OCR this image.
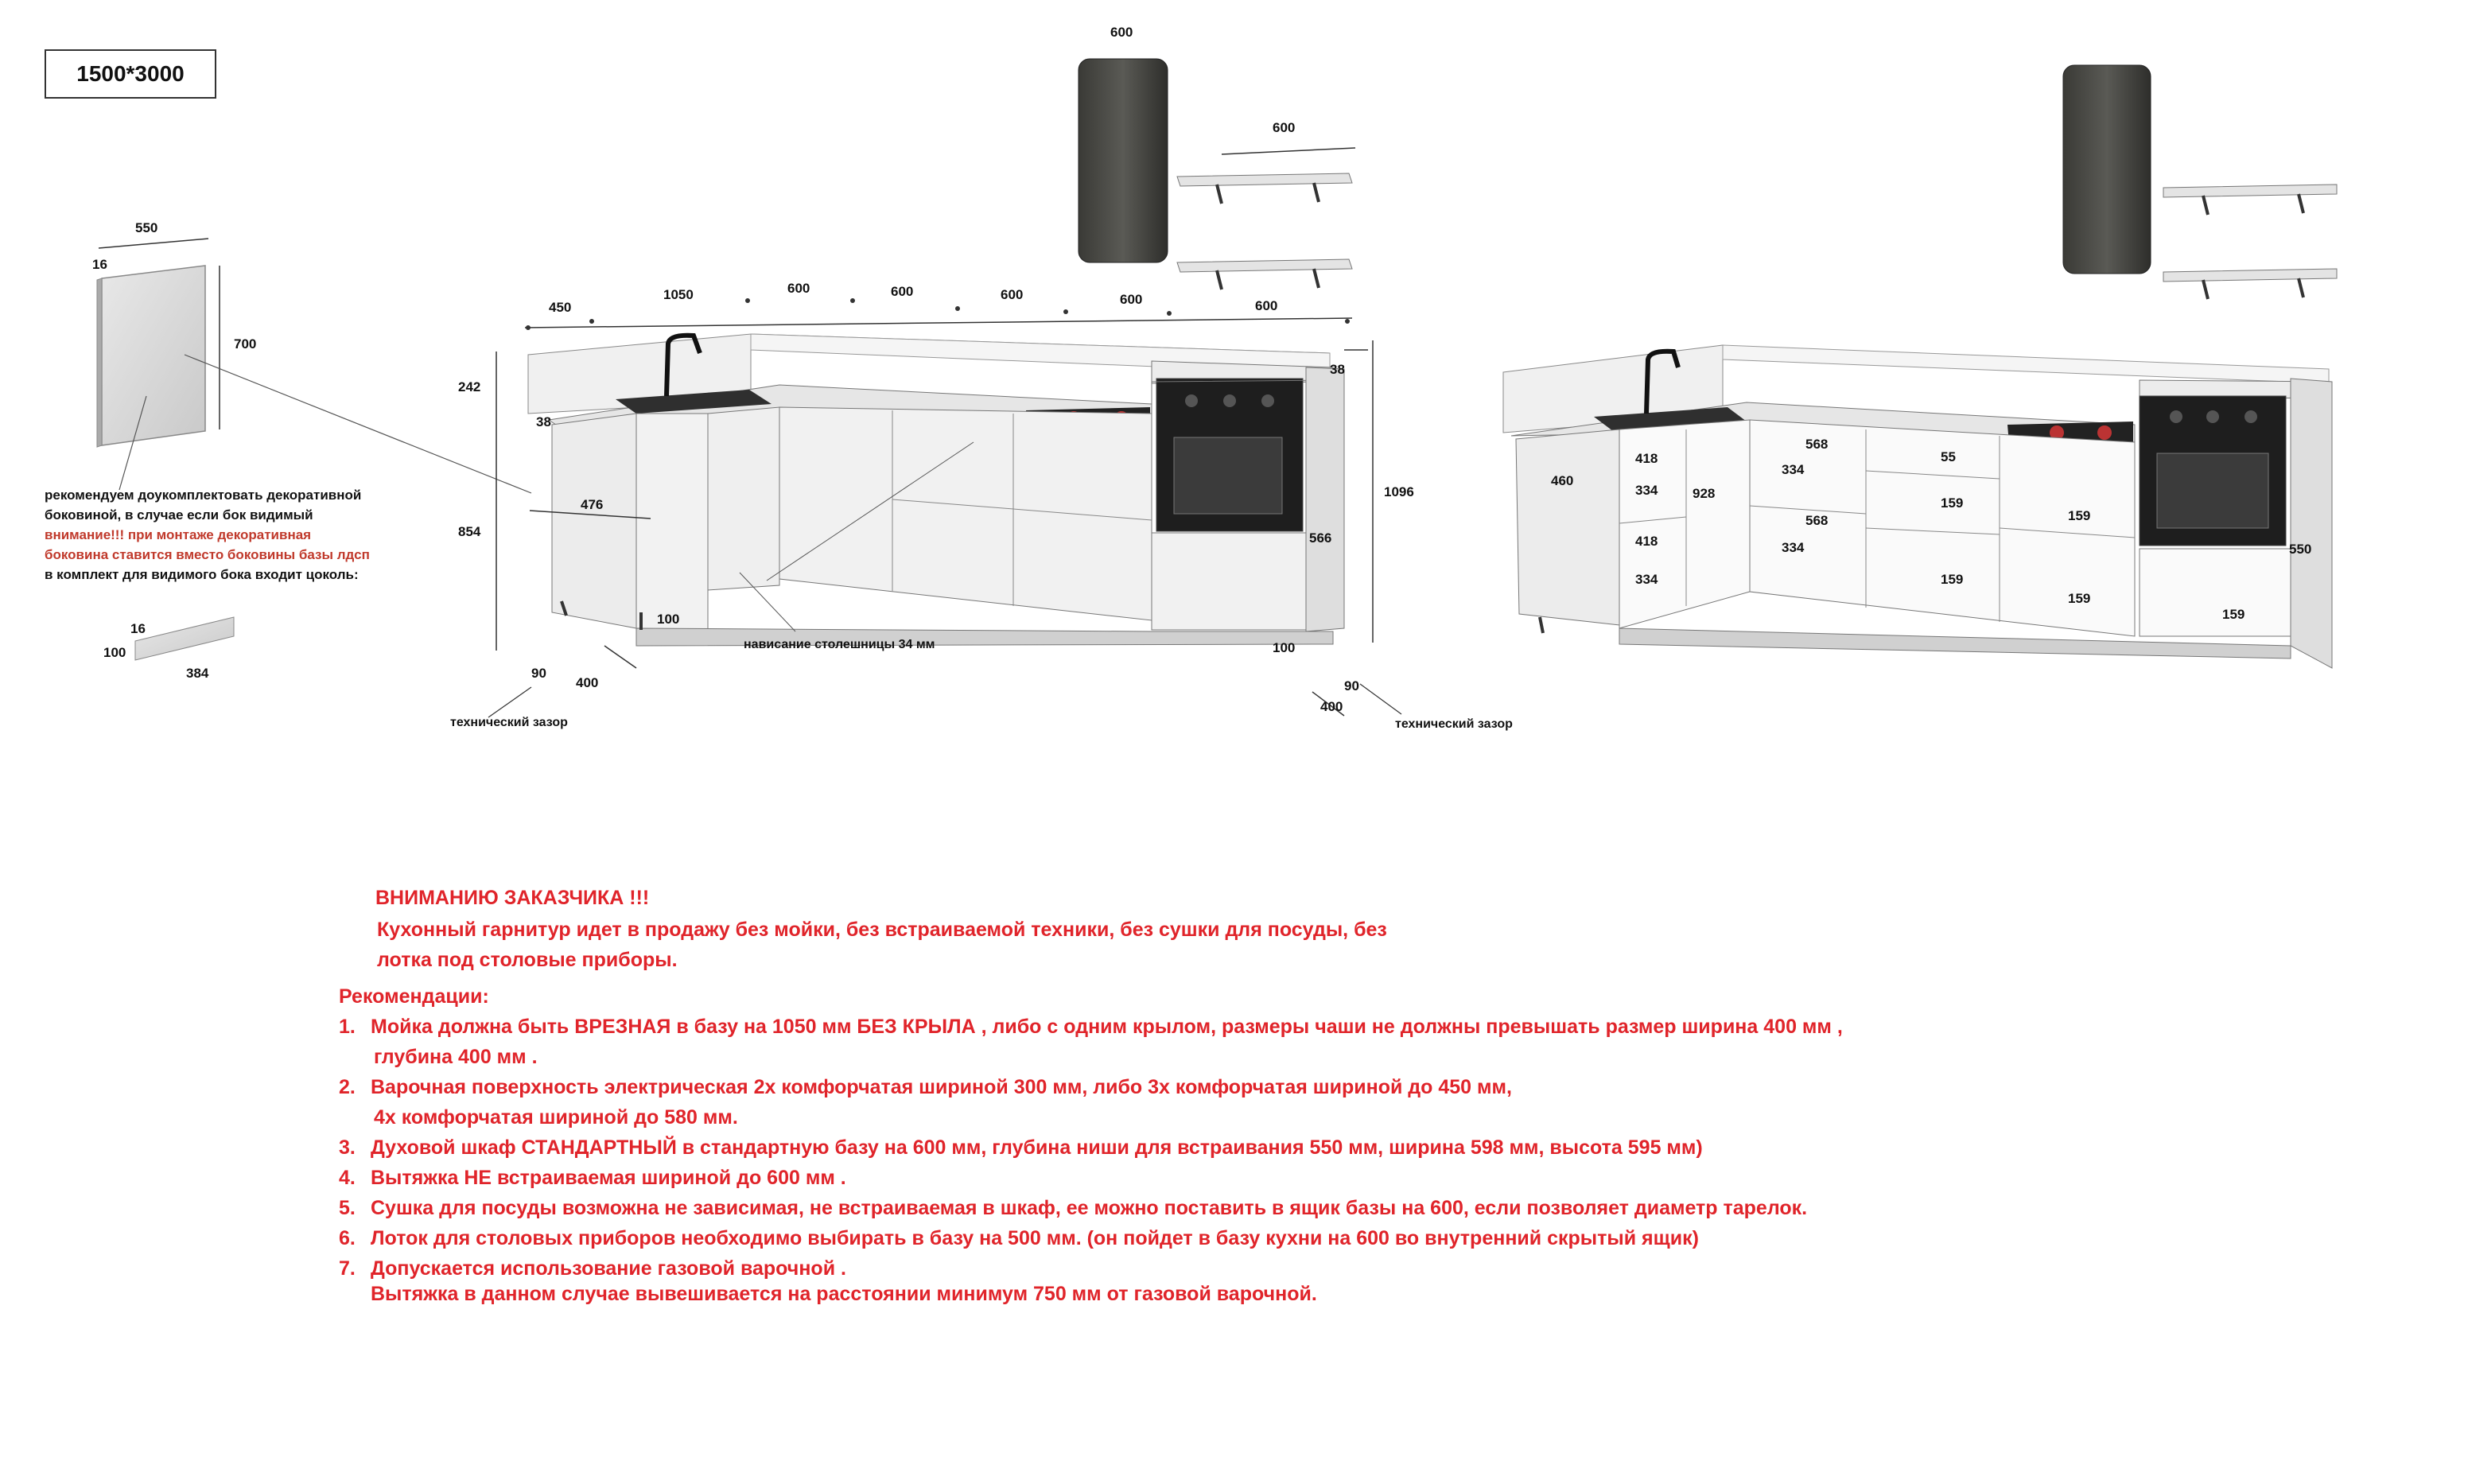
1500*3000
550
700
16
16
100
384
600
600
450
1050	600	600	600	600	600
242
38
38
854
1096
476
566
100
100
90
400	90
400
460
550
928
418
334
418
334
568
334
568
334
55
159
159
159
159
159
рекомендуем доукомплектовать декоративной
боковиной, в случае если бок видимый
внимание!!! при монтаже декоративная
боковина ставится вместо боковины базы лдсп
в комплект для видимого бока входит цоколь:
нависание столешницы 34 мм
технический зазор	технический зазор
ВНИМАНИЮ ЗАКАЗЧИКА !!!
Кухонный гарнитур идет в продажу без мойки, без встраиваемой техники, без сушки для посуды, без
лотка под столовые приборы.
Рекомендации:
1. Мойка должна быть ВРЕЗНАЯ в базу на 1050 мм БЕЗ КРЫЛА , либо с одним крылом, размеры чаши не должны превышать размер ширина 400 мм ,
глубина 400 мм .
2. Варочная поверхность электрическая 2х комфорчатая шириной 300 мм, либо 3х комфорчатая шириной до 450 мм,
4х комфорчатая шириной до 580 мм.
3. Духовой шкаф СТАНДАРТНЫЙ в стандартную базу на 600 мм, глубина ниши для встраивания 550 мм, ширина 598 мм, высота 595 мм)
4. Вытяжка НЕ встраиваемая шириной до 600 мм .
5. Сушка для посуды возможна не зависимая, не встраиваемая в шкаф, ее можно поставить в ящик базы на 600, если позволяет диаметр тарелок.
6. Лоток для столовых приборов необходимо выбирать в базу на 500 мм. (он пойдет в базу кухни на 600 во внутренний скрытый ящик)
7. Допускается использование газовой варочной .
Вытяжка в данном случае вывешивается на расстоянии минимум 750 мм от газовой варочной.
